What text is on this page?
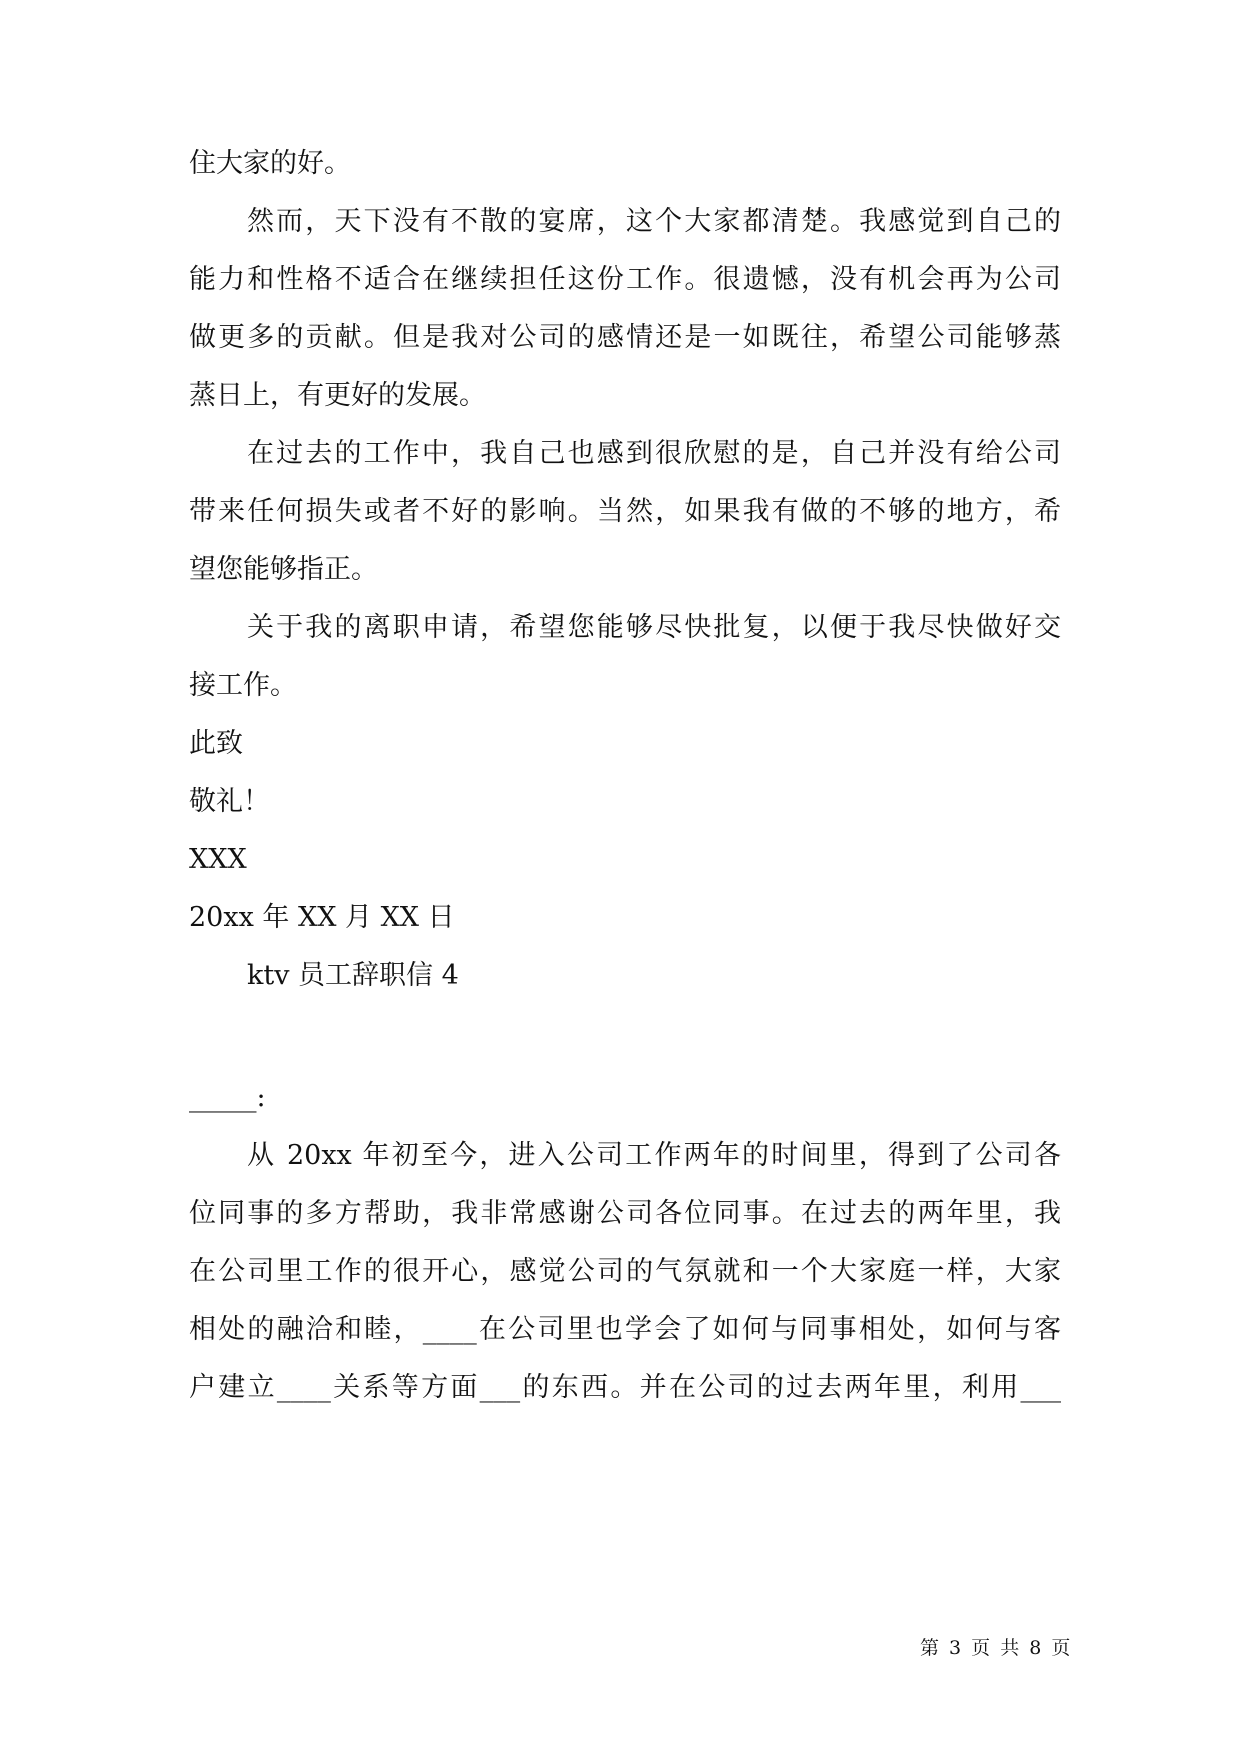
住大家的好。
然而，天下没有不散的宴席，这个大家都清楚。我感觉到自己的
能力和性格不适合在继续担任这份工作。很遗憾，没有机会再为公司
做更多的贡献。但是我对公司的感情还是一如既往，希望公司能够蒸
蒸日上，有更好的发展。
在过去的工作中，我自己也感到很欣慰的是，自己并没有给公司
带来任何损失或者不好的影响。当然，如果我有做的不够的地方，希
望您能够指正。
关于我的离职申请，希望您能够尽快批复，以便于我尽快做好交
接工作。
此致
敬礼！
XXX
20xx 年 XX 月 XX 日
ktv 员工辞职信 4
_____:
从 20xx 年初至今，进入公司工作两年的时间里，得到了公司各
位同事的多方帮助，我非常感谢公司各位同事。在过去的两年里，我
在公司里工作的很开心，感觉公司的气氛就和一个大家庭一样，大家
相处的融洽和睦，____在公司里也学会了如何与同事相处，如何与客
户建立____关系等方面___的东西。并在公司的过去两年里，利用___
第 3 页 共 8 页
